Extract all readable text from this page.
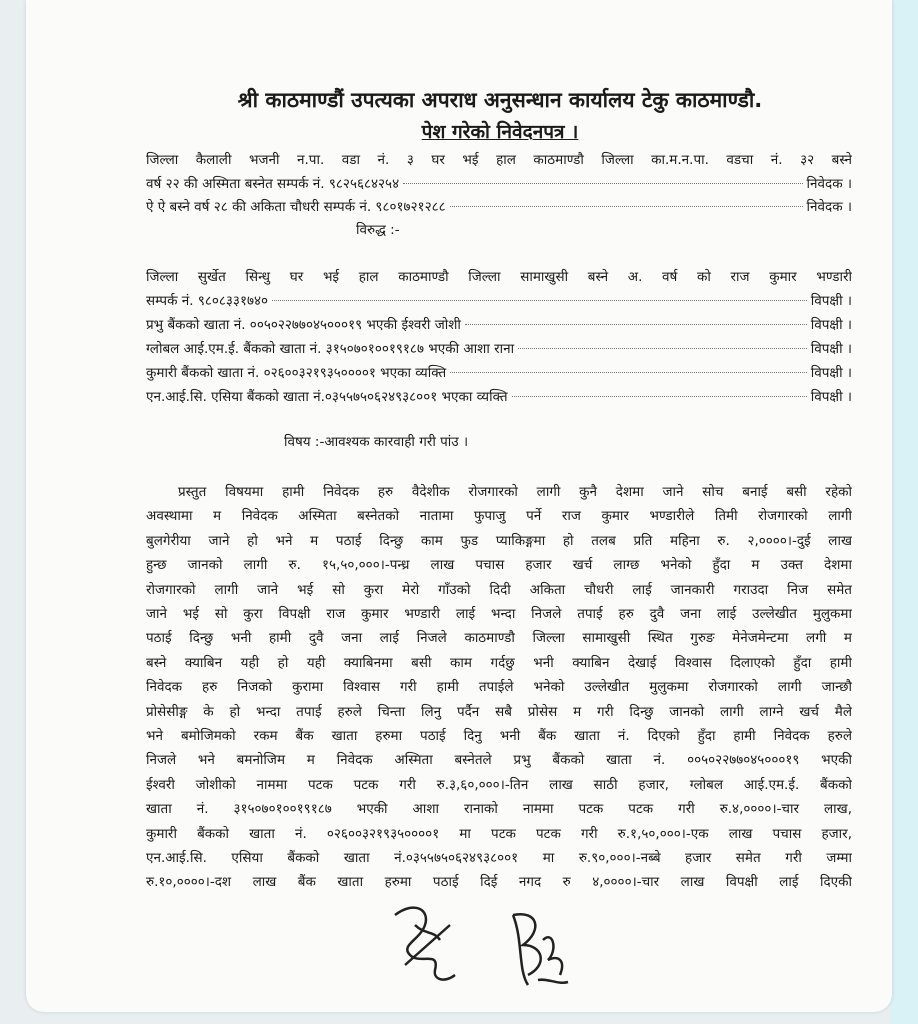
श्री काठमाण्डौं उपत्यका अपराध अनुसन्धान कार्यालय टेकु काठमाण्डौ.
पेश गरेको निवेदनपत्र ।
जिल्ला कैलाली भजनी न.पा. वडा नं. ३ घर भई हाल काठमाण्डौ जिल्ला का.म.न.पा. वडचा नं. ३२ बस्ने
वर्ष २२ की अस्मिता बस्नेत सम्पर्क नं. ९८२५६८४२५४	निवेदक ।
ऐ ऐ बस्ने वर्ष २८ की अकिता चौधरी सम्पर्क नं. ९८०१७२१२८८	निवेदक ।
विरुद्ध :-
जिल्ला सुर्खेत सिन्धु घर भई हाल काठमाण्डौ जिल्ला सामाखुसी बस्ने अ. वर्ष को राज कुमार भण्डारी
सम्पर्क नं. ९८०८३३१७४०	विपक्षी ।
प्रभु बैंकको खाता नं. ००५०२२७७०४५०००१९ भएकी ईश्वरी जोशी	विपक्षी ।
ग्लोबल आई.एम.ई. बैंकको खाता नं. ३१५०७०१००१९१८७ भएकी आशा राना	विपक्षी ।
कुमारी बैंकको खाता नं. ०२६००३२१९३५००००१ भएका व्यक्ति	विपक्षी ।
एन.आई.सि. एसिया बैंकको खाता नं.०३५५७५०६२४९३८००१ भएका व्यक्ति	विपक्षी ।
विषय :-आवश्यक कारवाही गरी पांउ ।
प्रस्तुत विषयमा हामी निवेदक हरु वैदेशीक रोजगारको लागी कुनै देशमा जाने सोच बनाई बसी रहेको
अवस्थामा म निवेदक अस्मिता बस्नेतको नातामा फुपाजु पर्ने राज कुमार भण्डारीले तिमी रोजगारको लागी
बुलगेरीया जाने हो भने म पठाई दिन्छु काम फुड प्याकिङ्गमा हो तलब प्रति महिना रु. २,००००।-दुई लाख
हुन्छ जानको लागी रु. १५,५०,०००।-पन्ध्र लाख पचास हजार खर्च लाग्छ भनेको हुँदा म उक्त देशमा
रोजगारको लागी जाने भई सो कुरा मेरो गाँउको दिदी अकिता चौधरी लाई जानकारी गराउदा निज समेत
जाने भई सो कुरा विपक्षी राज कुमार भण्डारी लाई भन्दा निजले तपाई हरु दुवै जना लाई उल्लेखीत मुलुकमा
पठाई दिन्छु भनी हामी दुवै जना लाई निजले काठमाण्डौ जिल्ला सामाखुसी स्थित गुरुङ मेनेजमेन्टमा लगी म
बस्ने क्याबिन यही हो यही क्याबिनमा बसी काम गर्दछु भनी क्याबिन देखाई विश्वास दिलाएको हुँदा हामी
निवेदक हरु निजको कुरामा विश्वास गरी हामी तपाईले भनेको उल्लेखीत मुलुकमा रोजगारको लागी जान्छौ
प्रोसेसीङ्ग के हो भन्दा तपाई हरुले चिन्ता लिनु पर्दैन सबै प्रोसेस म गरी दिन्छु जानको लागी लाग्ने खर्च मैले
भने बमोजिमको रकम बैंक खाता हरुमा पठाई दिनु भनी बैंक खाता नं. दिएको हुँदा हामी निवेदक हरुले
निजले भने बमनोजिम म निवेदक अस्मिता बस्नेतले प्रभु बैंकको खाता नं. ००५०२२७७०४५०००१९ भएकी
ईश्वरी जोशीको नाममा पटक पटक गरी रु.३,६०,०००।-तिन लाख साठी हजार, ग्लोबल आई.एम.ई. बैंकको
खाता नं. ३१५०७०१००१९१८७ भएकी आशा रानाको नाममा पटक पटक गरी रु.४,००००।-चार लाख,
कुमारी बैंकको खाता नं. ०२६००३२१९३५००००१ मा पटक पटक गरी रु.१,५०,०००।-एक लाख पचास हजार,
एन.आई.सि. एसिया बैंकको खाता नं.०३५५७५०६२४९३८००१ मा रु.९०,०००।-नब्बे हजार समेत गरी जम्मा
रु.१०,००००।-दश लाख बैंक खाता हरुमा पठाई दिई नगद रु ४,००००।-चार लाख विपक्षी लाई दिएकी
